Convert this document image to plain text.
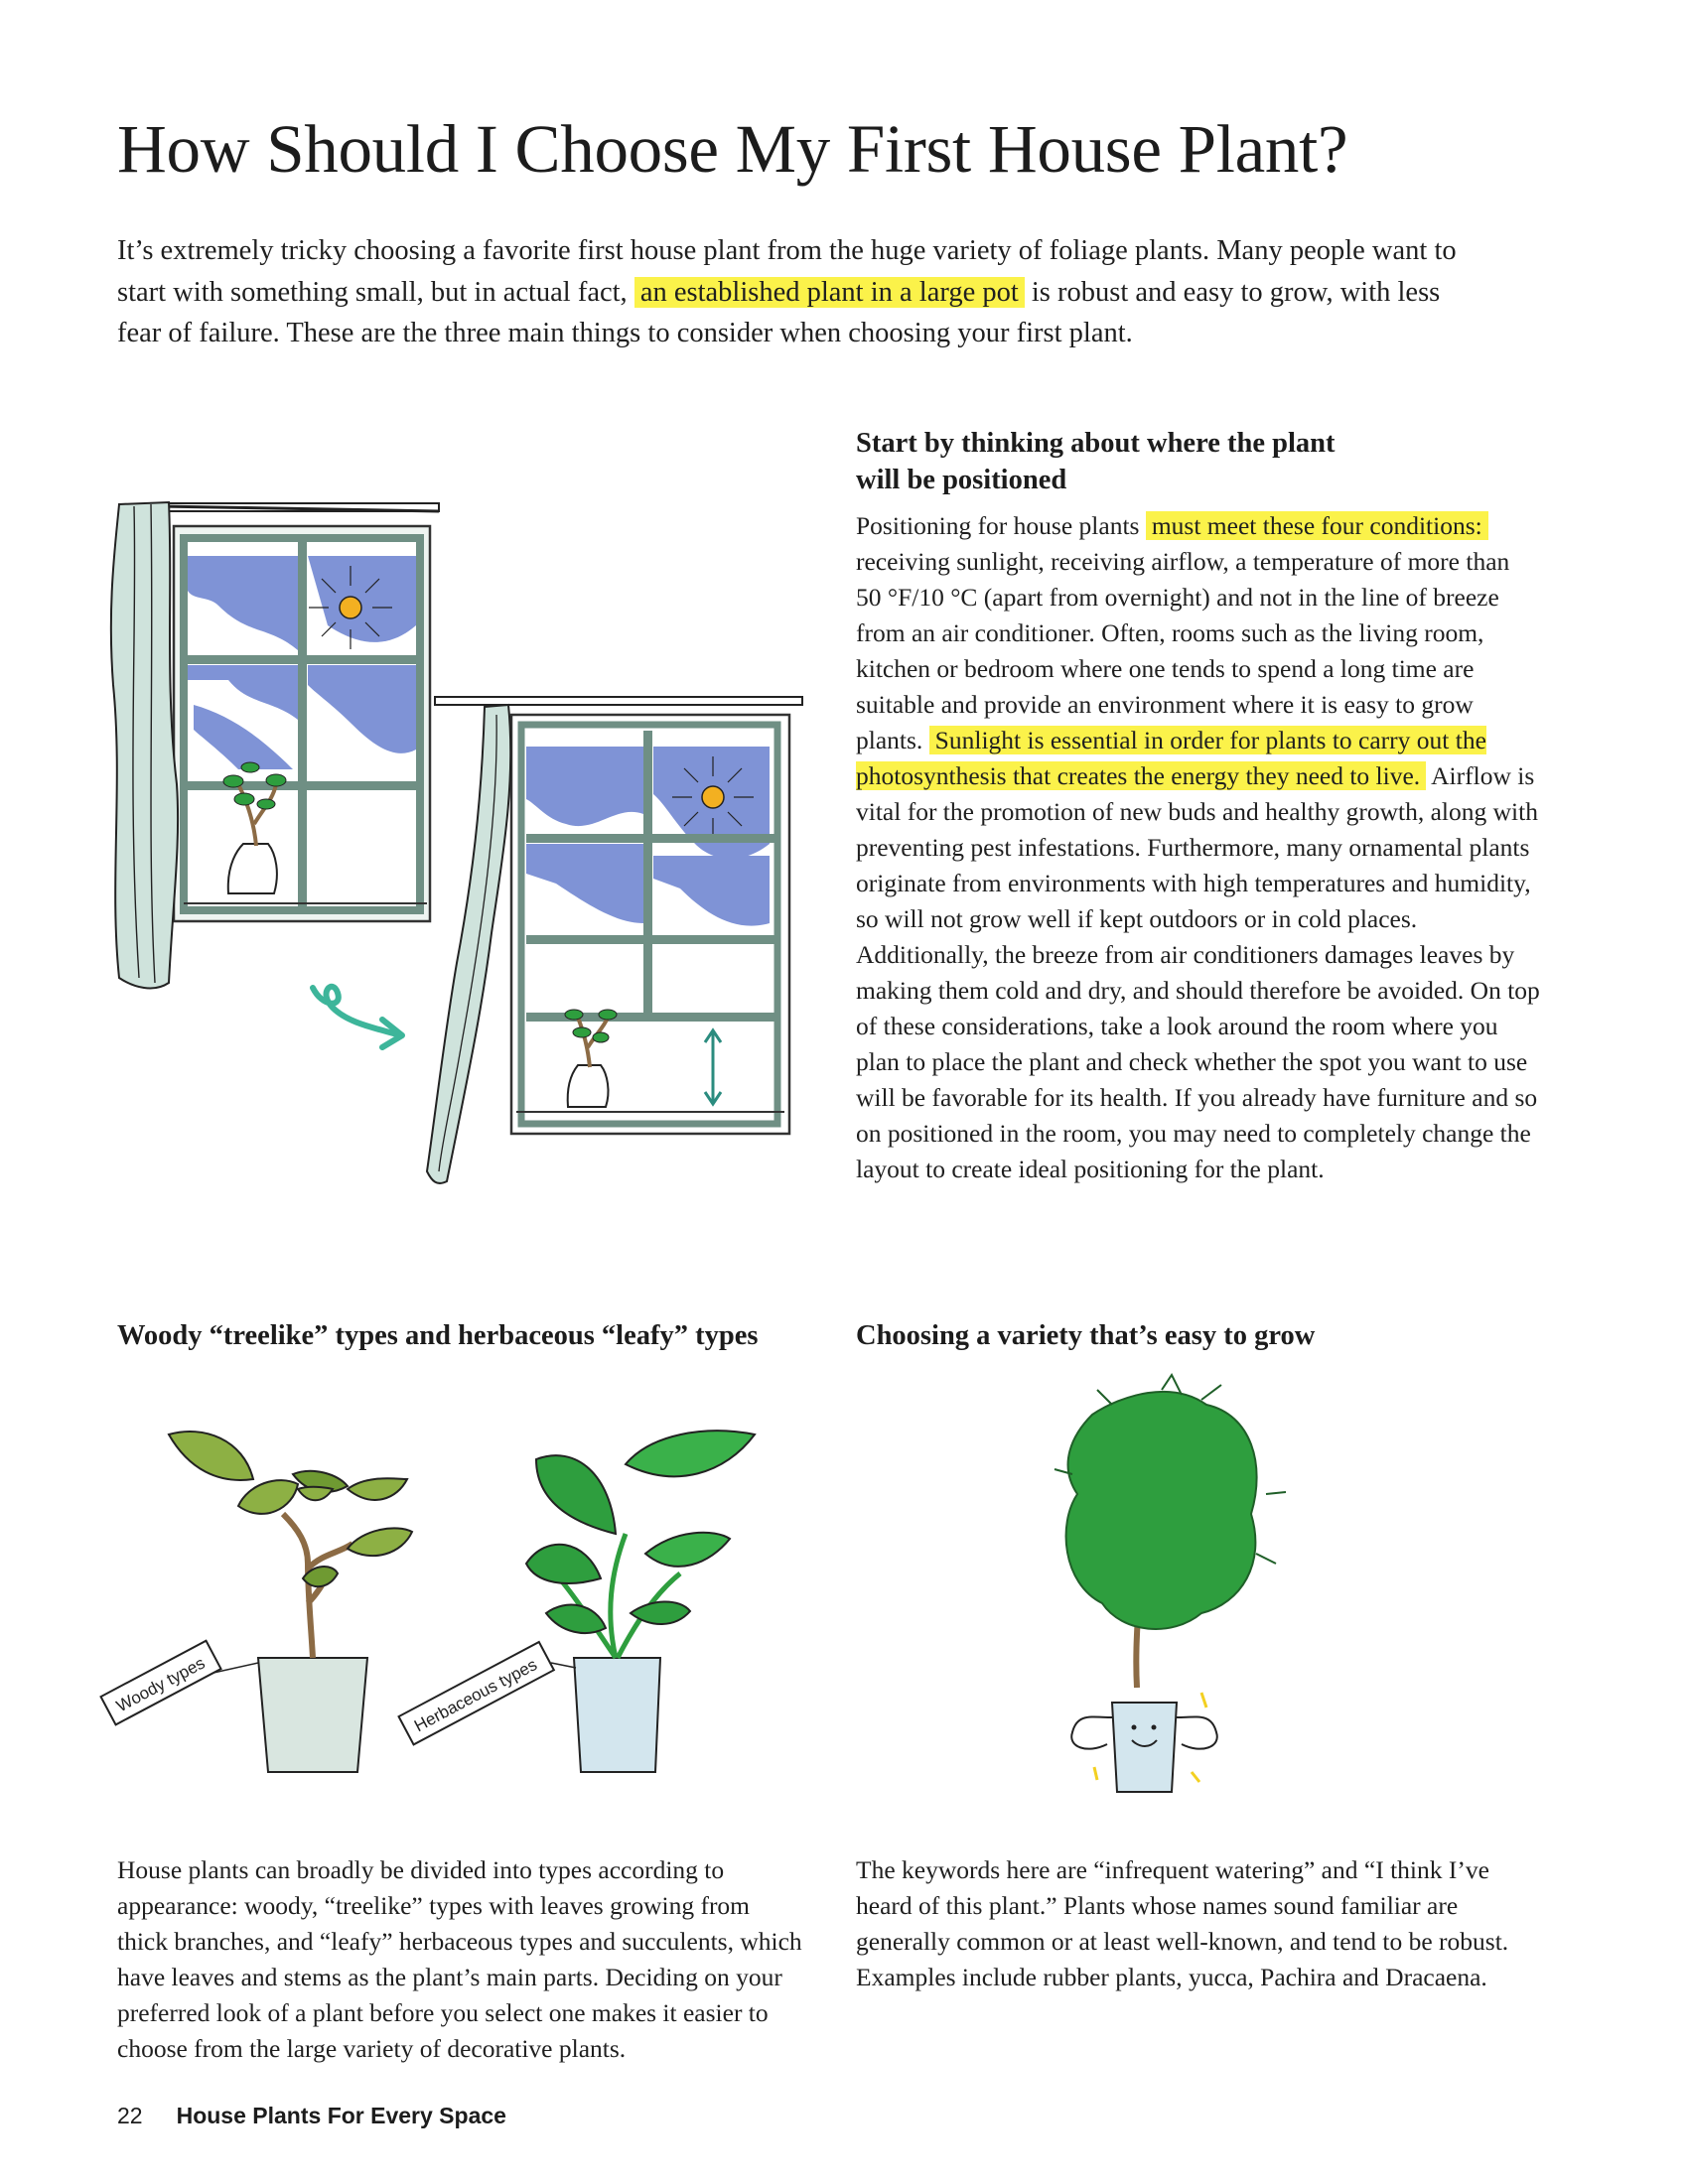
How Should I Choose My First House Plant?

It’s extremely tricky choosing a favorite first house plant from the huge variety of foliage plants. Many people want to start with something small, but in actual fact, an established plant in a large pot is robust and easy to grow, with less fear of failure. These are the three main things to consider when choosing your first plant.

Start by thinking about where the plant
will be positioned

Positioning for house plants must meet these four conditions: receiving sunlight, receiving airflow, a temperature of more than 50 °F/10 °C (apart from overnight) and not in the line of breeze from an air conditioner. Often, rooms such as the living room, kitchen or bedroom where one tends to spend a long time are suitable and provide an environment where it is easy to grow plants. Sunlight is essential in order for plants to carry out the photosynthesis that creates the energy they need to live. Airflow is vital for the promotion of new buds and healthy growth, along with preventing pest infestations. Furthermore, many ornamental plants originate from environments with high temperatures and humidity, so will not grow well if kept outdoors or in cold places. Additionally, the breeze from air conditioners damages leaves by making them cold and dry, and should therefore be avoided. On top of these considerations, take a look around the room where you plan to place the plant and check whether the spot you want to use will be favorable for its health. If you already have furniture and so on positioned in the room, you may need to completely change the layout to create ideal positioning for the plant.

Woody “treelike” types and herbaceous “leafy” types
Woody types	Herbaceous types

House plants can broadly be divided into types according to appearance: woody, “treelike” types with leaves growing from thick branches, and “leafy” herbaceous types and succulents, which have leaves and stems as the plant’s main parts. Deciding on your preferred look of a plant before you select one makes it easier to choose from the large variety of decorative plants.

Choosing a variety that’s easy to grow

The keywords here are “infrequent watering” and “I think I’ve heard of this plant.” Plants whose names sound familiar are generally common or at least well-known, and tend to be robust. Examples include rubber plants, yucca, Pachira and Dracaena.

22 House Plants For Every Space
